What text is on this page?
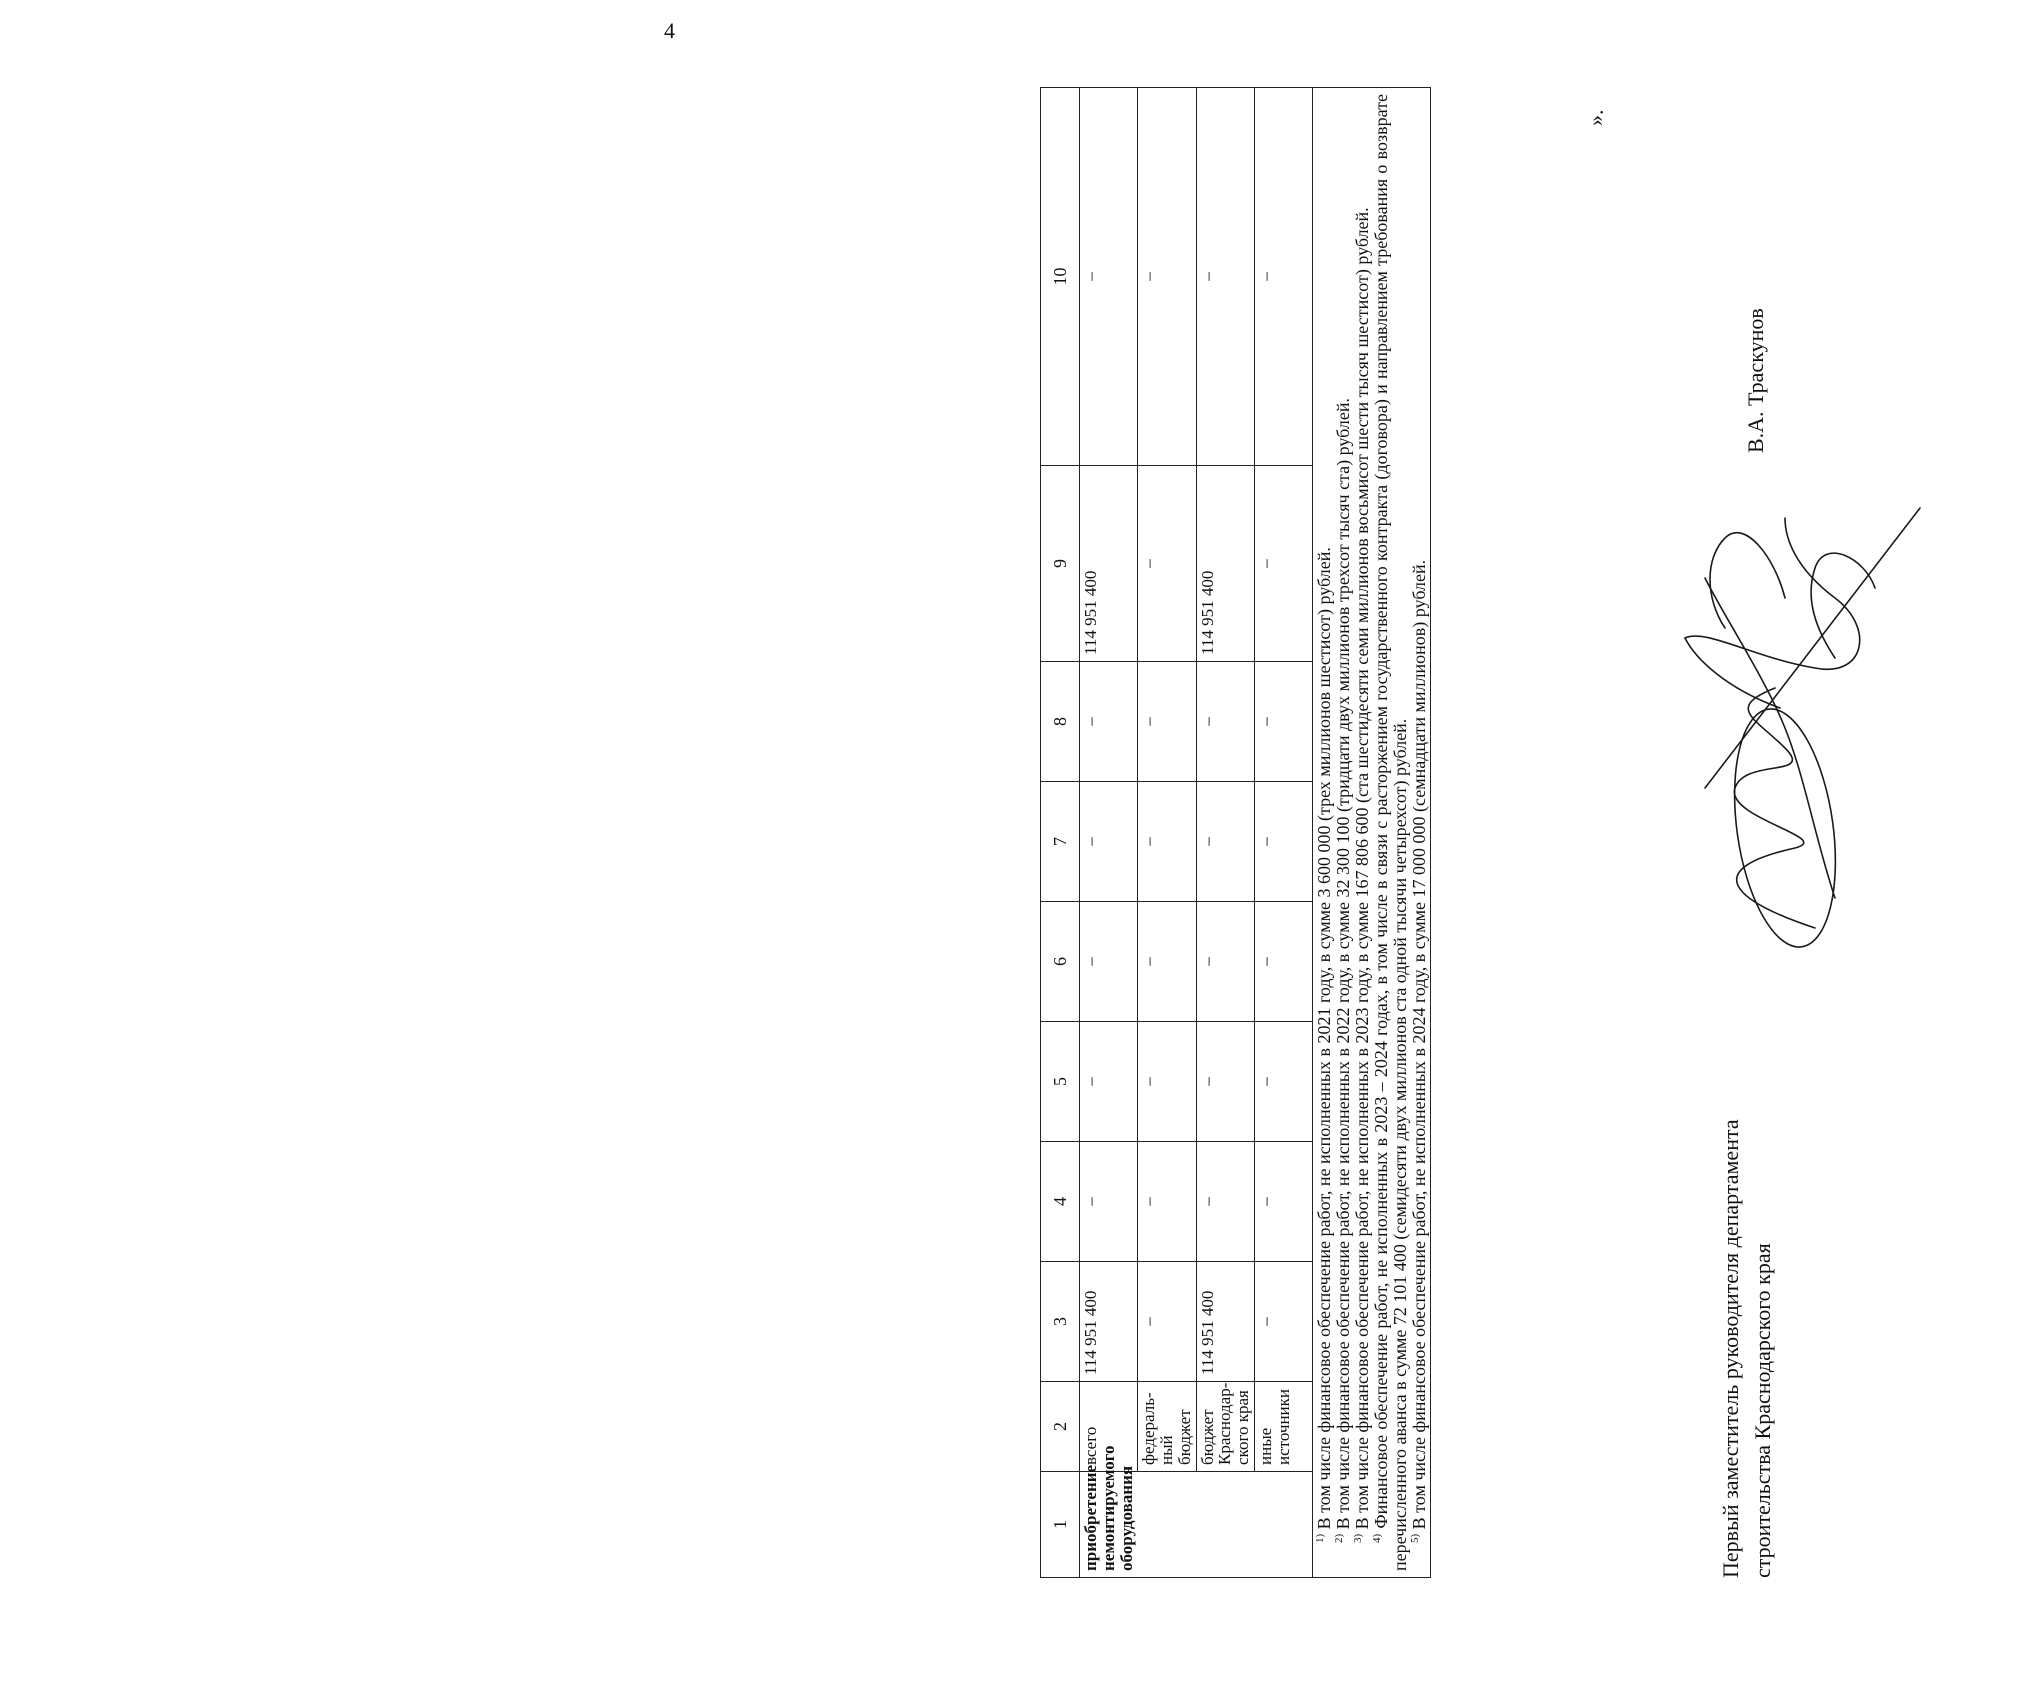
4
1	2	3	4	5	6	7	8	9	10
приобретение немонтируемого оборудования	всего	114 951 400	–	–	–	–	–	114 951 400	–
	федераль-ный бюджет	–	–	–	–	–	–	–	–
	бюджет Краснодар-ского края	114 951 400	–	–	–	–	–	114 951 400	–
	иные источники	–	–	–	–	–	–	–	–

$^{1)}$ В том числе финансовое обеспечение работ, не исполненных в 2021 году, в сумме 3 600 000 (трех миллионов шестисот) рублей.

$^{2)}$ В том числе финансовое обеспечение работ, не исполненных в 2022 году, в сумме 32 300 100 (тридцати двух миллионов трехсот тысяч ста) рублей.

$^{3)}$ В том числе финансовое обеспечение работ, не исполненных в 2023 году, в сумме 167 806 600 (ста шестидесяти семи миллионов восьмисот шести тысяч шестисот) рублей.

$^{4)}$ Финансовое обеспечение работ, не исполненных в 2023 – 2024 годах, в том числе в связи с расторжением государственного контракта (договора) и направлением требования о возврате перечисленного аванса в сумме 72 101 400 (семидесяти двух миллионов ста одной тысячи четырехсот) рублей.

$^{5)}$ В том числе финансовое обеспечение работ, не исполненных в 2024 году, в сумме 17 000 000 (семнадцати миллионов) рублей.									

».
Первый заместитель руководителя департамента строительства Краснодарского края
В.А. Траскунов
